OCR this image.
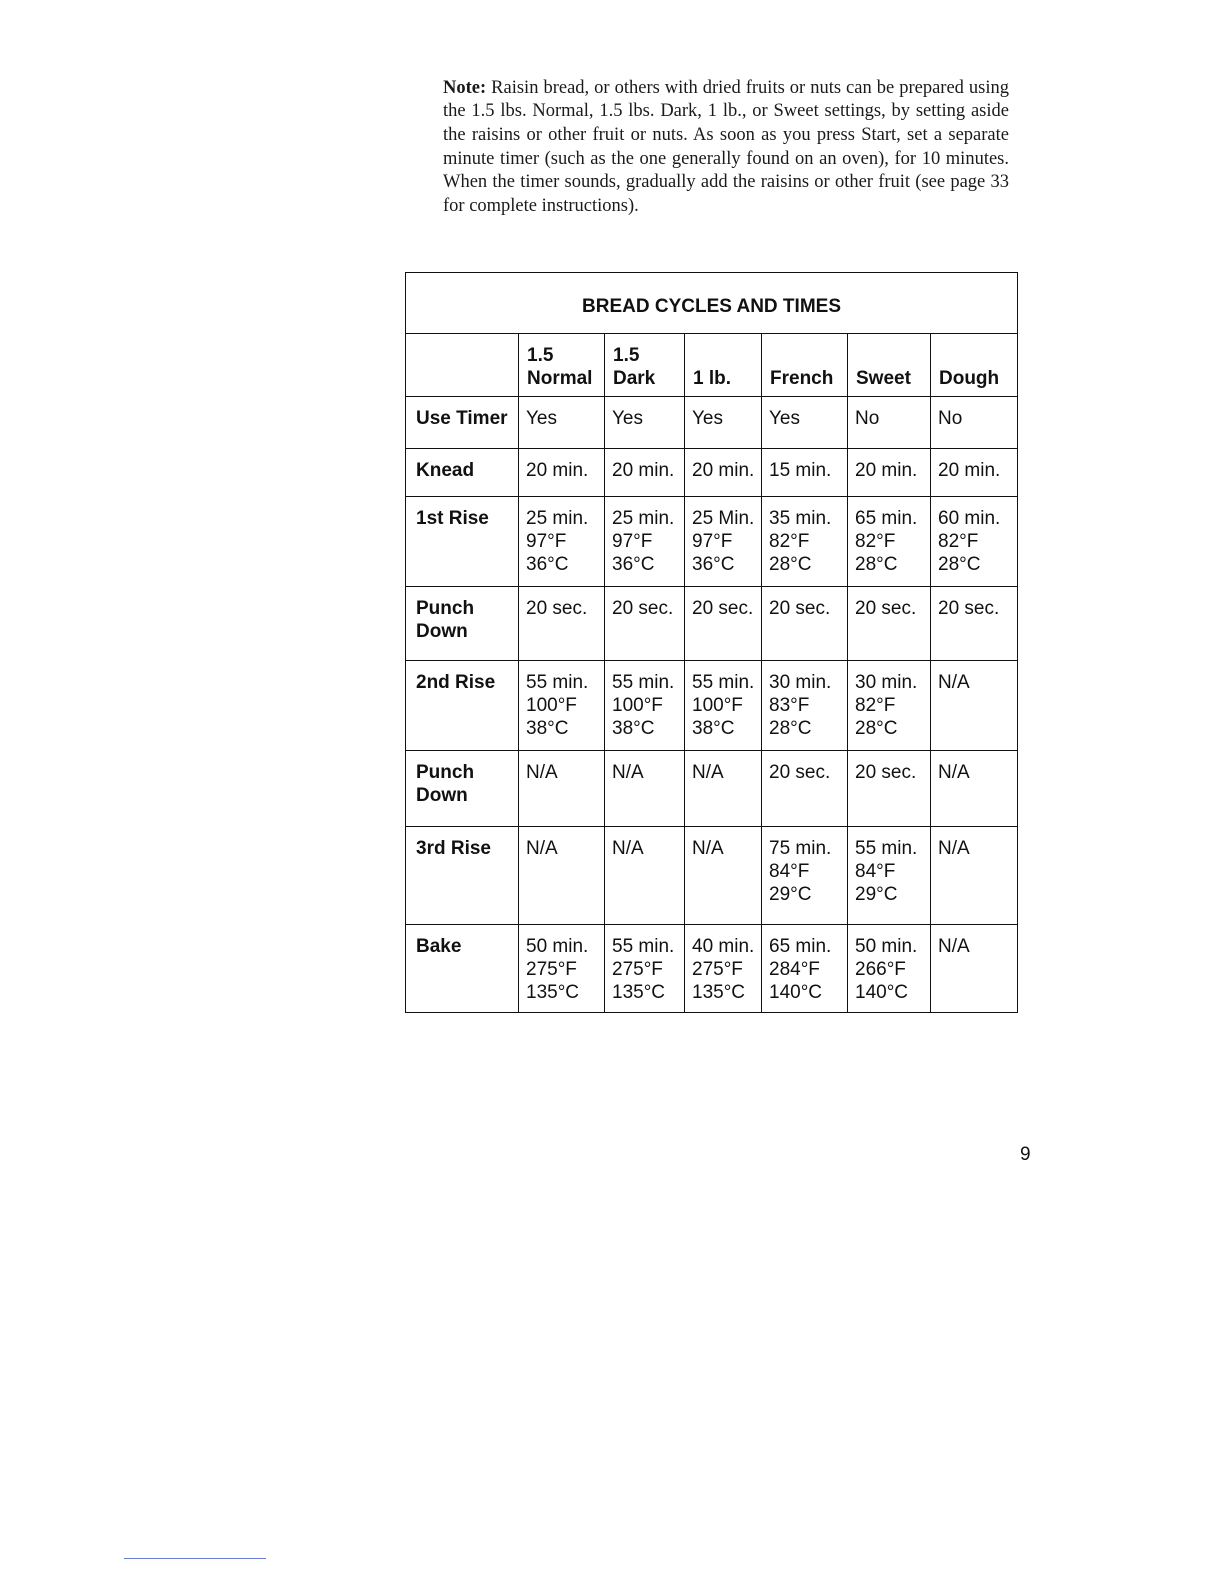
Note: Raisin bread, or others with dried fruits or nuts can be prepared using the 1.5 lbs. Normal, 1.5 lbs. Dark, 1 lb., or Sweet settings, by setting aside the raisins or other fruit or nuts. As soon as you press Start, set a separate minute timer (such as the one generally found on an oven), for 10 minutes. When the timer sounds, gradually add the raisins or other fruit (see page 33 for complete instructions).

BREAD CYCLES AND TIMES						

	1.5
Normal	1.5
Dark	1 lb.	French	Sweet	Dough

Use Timer	Yes	Yes	Yes	Yes	No	No

Knead	20 min.	20 min.	20 min.	15 min.	20 min.	20 min.

1st Rise	25 min.
97°F
36°C	25 min.
97°F
36°C	25 Min.
97°F
36°C	35 min.
82°F
28°C	65 min.
82°F
28°C	60 min.
82°F
28°C

Punch
Down	20 sec.	20 sec.	20 sec.	20 sec.	20 sec.	20 sec.

2nd Rise	55 min.
100°F
38°C	55 min.
100°F
38°C	55 min.
100°F
38°C	30 min.
83°F
28°C	30 min.
82°F
28°C	N/A

Punch
Down	N/A	N/A	N/A	20 sec.	20 sec.	N/A

3rd Rise	N/A	N/A	N/A	75 min.
84°F
29°C	55 min.
84°F
29°C	N/A

Bake	50 min.
275°F
135°C	55 min.
275°F
135°C	40 min.
275°F
135°C	65 min.
284°F
140°C	50 min.
266°F
140°C	N/A
9
